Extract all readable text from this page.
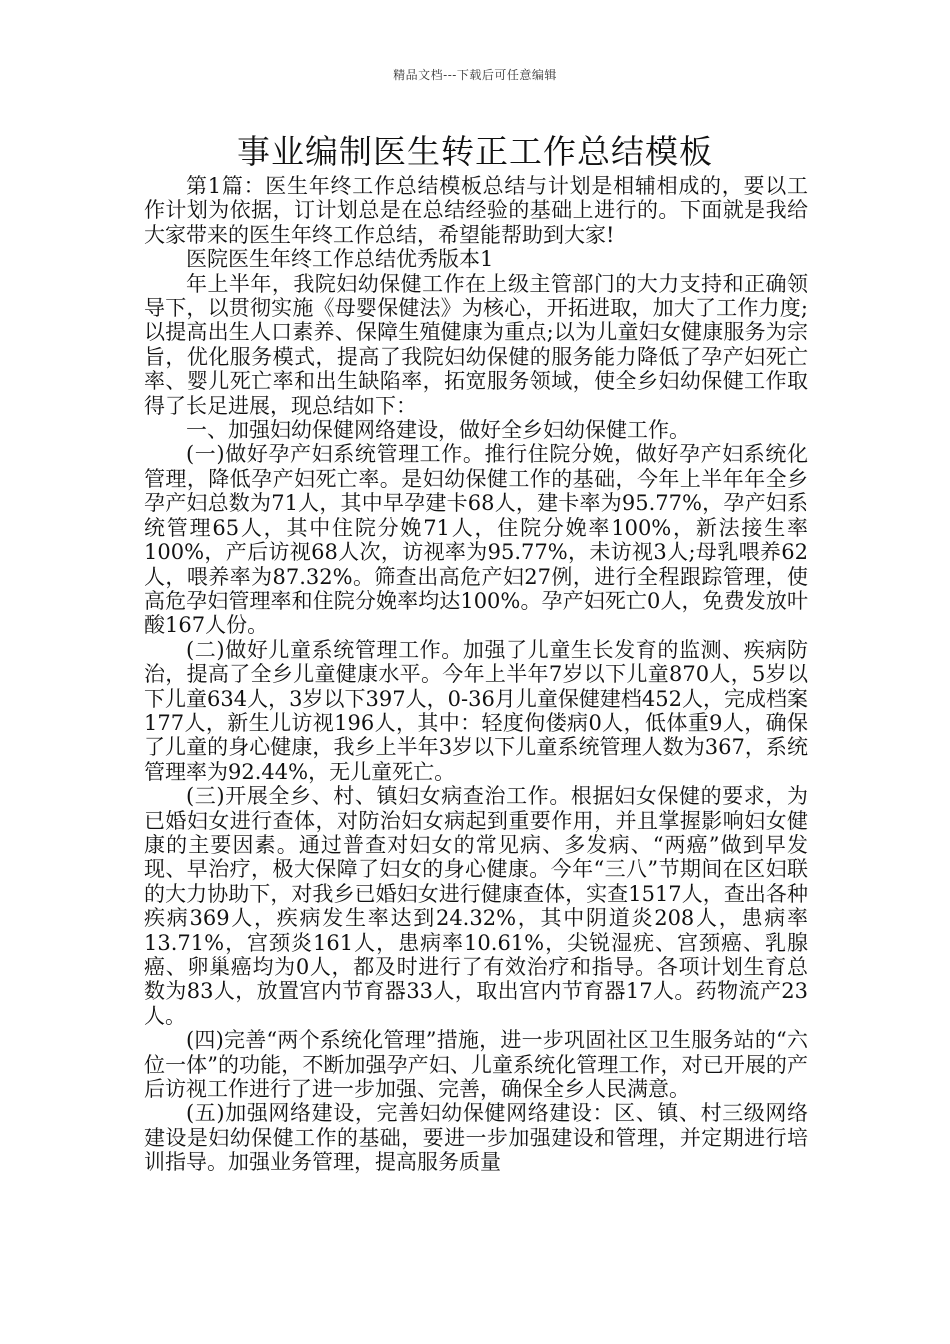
精品文档---下载后可任意编辑
事业编制医生转正工作总结模板

第1篇：医生年终工作总结模板总结与计划是相辅相成的，要以工作计划为依据，订计划总是在总结经验的基础上进行的。下面就是我给大家带来的医生年终工作总结，希望能帮助到大家!

医院医生年终工作总结优秀版本1

年上半年，我院妇幼保健工作在上级主管部门的大力支持和正确领导下，以贯彻实施《母婴保健法》为核心，开拓进取，加大了工作力度;以提高出生人口素养、保障生殖健康为重点;以为儿童妇女健康服务为宗旨，优化服务模式，提高了我院妇幼保健的服务能力降低了孕产妇死亡率、婴儿死亡率和出生缺陷率，拓宽服务领域，使全乡妇幼保健工作取得了长足进展，现总结如下：

一、加强妇幼保健网络建设，做好全乡妇幼保健工作。

(一)做好孕产妇系统管理工作。推行住院分娩，做好孕产妇系统化管理，降低孕产妇死亡率。是妇幼保健工作的基础，今年上半年年全乡孕产妇总数为71人，其中早孕建卡68人，建卡率为95.77%，孕产妇系统管理65人，其中住院分娩71人，住院分娩率100%，新法接生率100%，产后访视68人次，访视率为95.77%，未访视3人;母乳喂养62人，喂养率为87.32%。筛查出高危产妇27例，进行全程跟踪管理，使高危孕妇管理率和住院分娩率均达100%。孕产妇死亡0人，免费发放叶酸167人份。

(二)做好儿童系统管理工作。加强了儿童生长发育的监测、疾病防治，提高了全乡儿童健康水平。今年上半年7岁以下儿童870人，5岁以下儿童634人，3岁以下397人，0-36月儿童保健建档452人，完成档案177人，新生儿访视196人，其中：轻度佝偻病0人，低体重9人，确保了儿童的身心健康，我乡上半年3岁以下儿童系统管理人数为367，系统管理率为92.44%，无儿童死亡。

(三)开展全乡、村、镇妇女病查治工作。根据妇女保健的要求，为已婚妇女进行查体，对防治妇女病起到重要作用，并且掌握影响妇女健康的主要因素。通过普查对妇女的常见病、多发病、“两癌”做到早发现、早治疗，极大保障了妇女的身心健康。今年“三八”节期间在区妇联的大力协助下，对我乡已婚妇女进行健康查体，实查1517人，查出各种疾病369人，疾病发生率达到24.32%，其中阴道炎208人，患病率13.71%，宫颈炎161人，患病率10.61%，尖锐湿疣、宫颈癌、乳腺癌、卵巢癌均为0人，都及时进行了有效治疗和指导。各项计划生育总数为83人，放置宫内节育器33人，取出宫内节育器17人。药物流产23人。

(四)完善“两个系统化管理”措施，进一步巩固社区卫生服务站的“六位一体”的功能，不断加强孕产妇、儿童系统化管理工作，对已开展的产后访视工作进行了进一步加强、完善，确保全乡人民满意。

(五)加强网络建设，完善妇幼保健网络建设：区、镇、村三级网络建设是妇幼保健工作的基础，要进一步加强建设和管理，并定期进行培训指导。加强业务管理，提高服务质量
